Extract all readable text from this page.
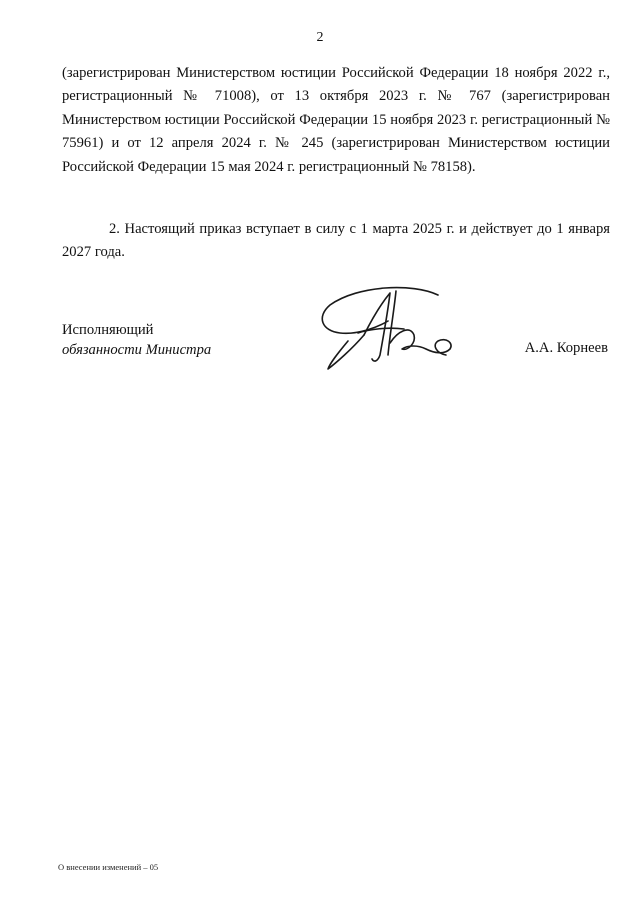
2

(зарегистрирован Министерством юстиции Российской Федерации 18 ноября 2022 г., регистрационный № 71008), от 13 октября 2023 г. № 767 (зарегистрирован Министерством юстиции Российской Федерации 15 ноября 2023 г. регистрационный № 75961) и от 12 апреля 2024 г. № 245 (зарегистрирован Министерством юстиции Российской Федерации 15 мая 2024 г. регистрационный № 78158).

2. Настоящий приказ вступает в силу с 1 марта 2025 г. и действует до 1 января 2027 года.

Исполняющий
обязанности Министра	А.А. Корнеев
О внесении изменений – 05
